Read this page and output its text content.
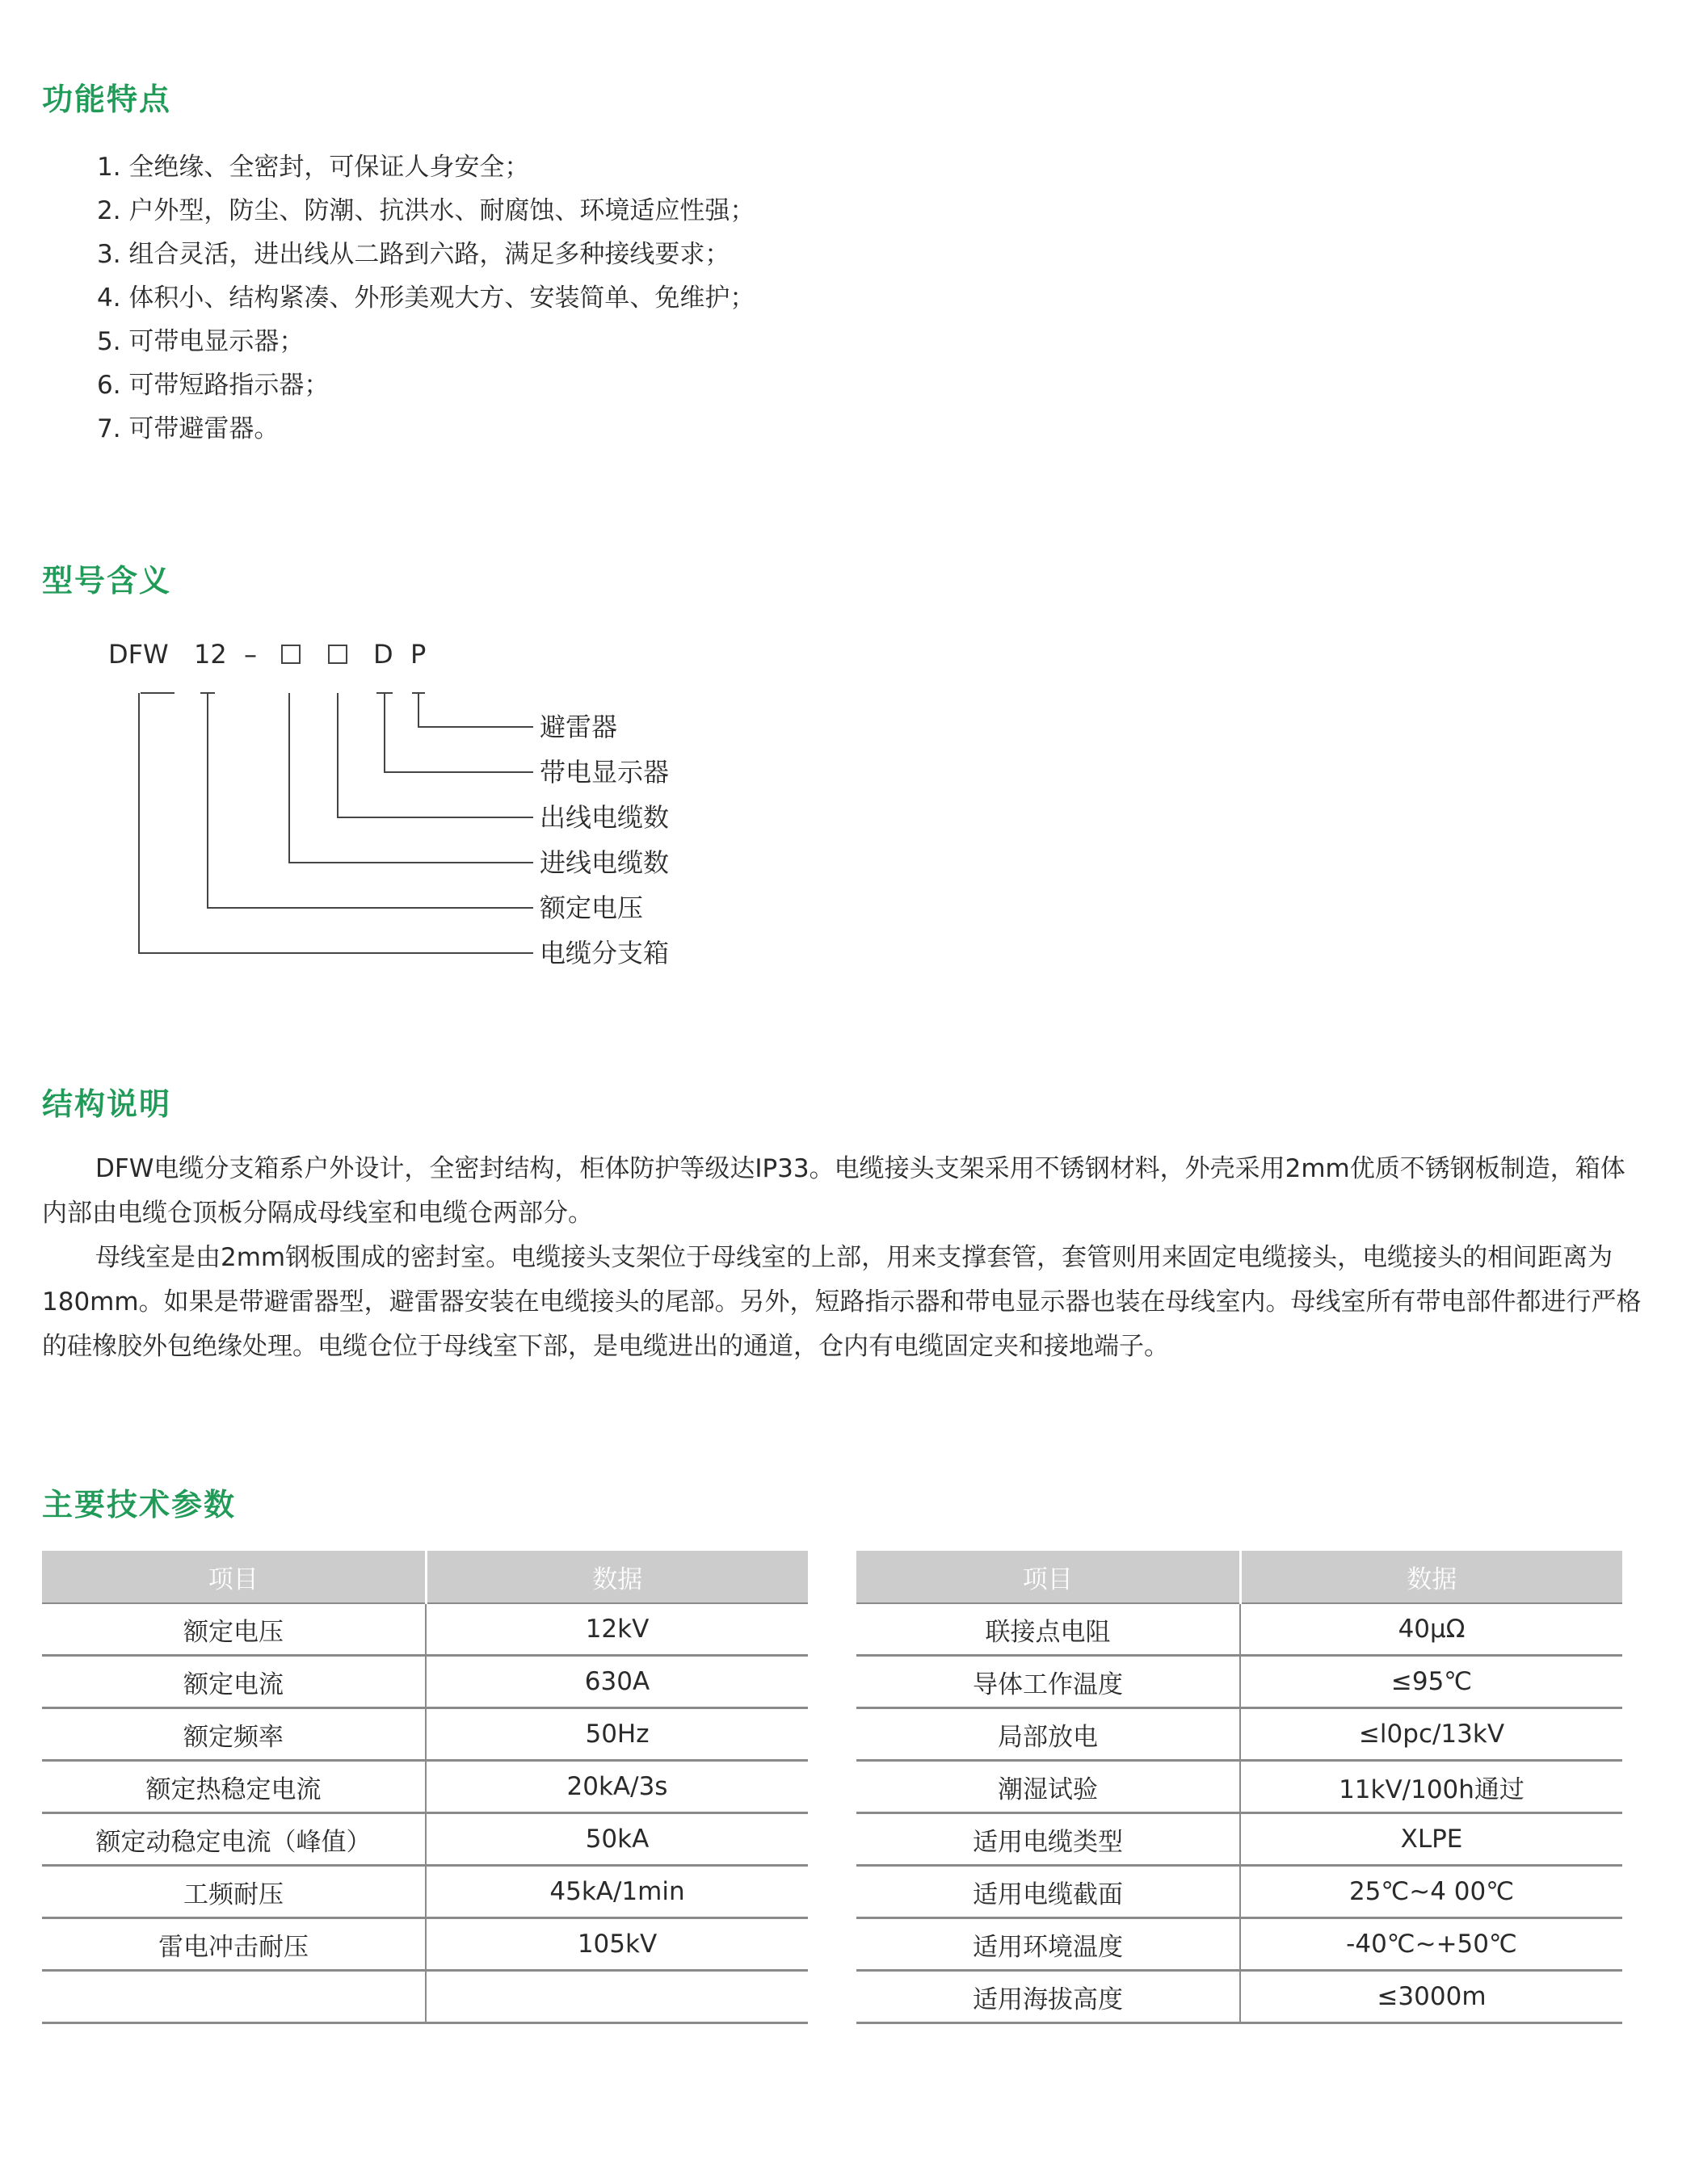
功能特点
1. 全绝缘、全密封，可保证人身安全；
2. 户外型，防尘、防潮、抗洪水、耐腐蚀、环境适应性强；
3. 组合灵活，进出线从二路到六路，满足多种接线要求；
4. 体积小、结构紧凑、外形美观大方、安装简单、免维护；
5. 可带电显示器；
6. 可带短路指示器；
7. 可带避雷器。
型号含义
DFW 12 –	D P
避雷器
带电显示器
出线电缆数
进线电缆数
额定电压
电缆分支箱
结构说明

DFW电缆分支箱系户外设计，全密封结构，柜体防护等级达IP33。电缆接头支架采用不锈钢材料，外壳采用2mm优质不锈钢板制造，箱体内部由电缆仓顶板分隔成母线室和电缆仓两部分。

母线室是由2mm钢板围成的密封室。电缆接头支架位于母线室的上部，用来支撑套管，套管则用来固定电缆接头，电缆接头的相间距离为180mm。如果是带避雷器型，避雷器安装在电缆接头的尾部。另外，短路指示器和带电显示器也装在母线室内。母线室所有带电部件都进行严格的硅橡胶外包绝缘处理。电缆仓位于母线室下部，是电缆进出的通道，仓内有电缆固定夹和接地端子。

主要技术参数
项目	数据
额定电压	12kV
额定电流	630A
额定频率	50Hz
额定热稳定电流	20kA/3s
额定动稳定电流（峰值）	50kA
工频耐压	45kA/1min
雷电冲击耐压	105kV

项目	数据
联接点电阻	40μΩ
导体工作温度	≤95℃
局部放电	≤l0pc/13kV
潮湿试验	11kV/100h通过
适用电缆类型	XLPE
适用电缆截面	25℃~4 00℃
适用环境温度	-40℃~+50℃
适用海拔高度	≤3000m
